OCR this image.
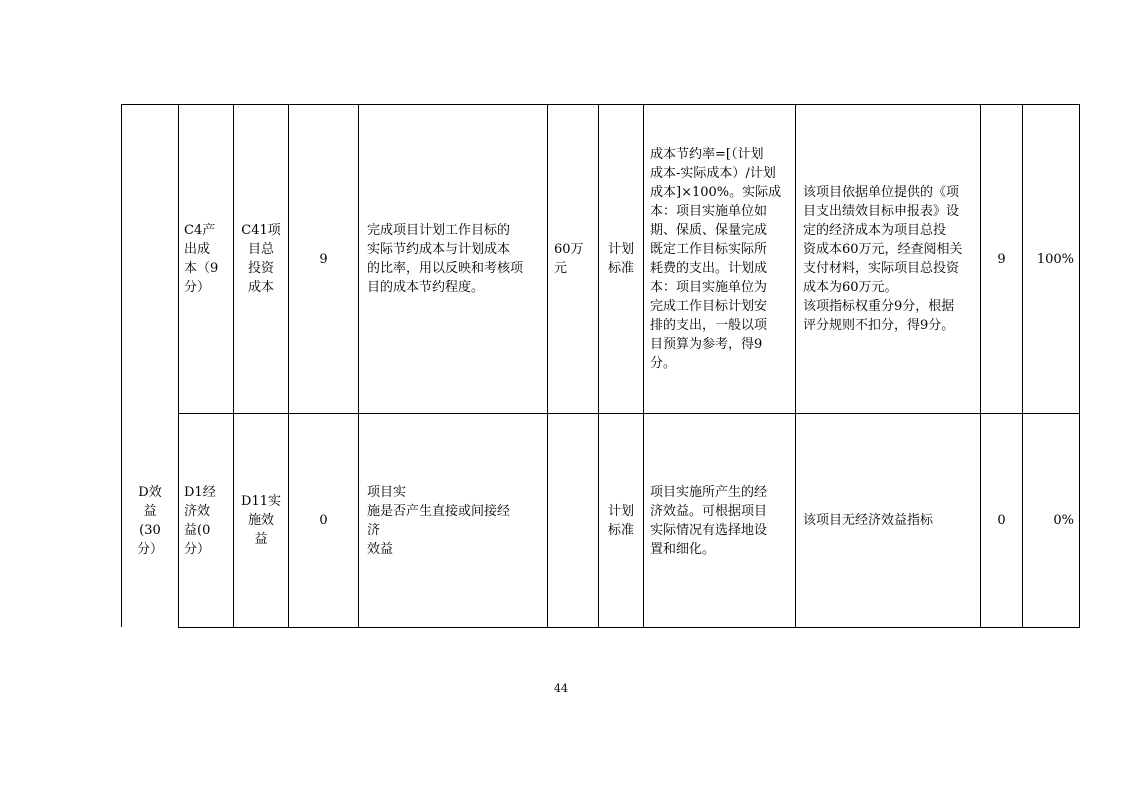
C4产
出成
本（9
分）
C41项
目总
投资
成本
9
完成项目计划工作目标的
实际节约成本与计划成本
的比率，用以反映和考核项
目的成本节约程度。
60万
元
计划
标准
成本节约率=[（计划
成本-实际成本）/计划
成本]×100%。实际成
本：项目实施单位如
期、保质、保量完成
既定工作目标实际所
耗费的支出。计划成
本：项目实施单位为
完成工作目标计划安
排的支出，一般以项
目预算为参考，得9
分。
该项目依据单位提供的《项
目支出绩效目标申报表》设
定的经济成本为项目总投
资成本60万元，经查阅相关
支付材料，实际项目总投资
成本为60万元。
该项指标权重分9分，根据
评分规则不扣分，得9分。
9 100%
D效
益
(30
分）
D1经
济效
益(0
分）
D11实
施效
益
0
项目实
施是否产生直接或间接经
济
效益
计划
标准
项目实施所产生的经
济效益。可根据项目
实际情况有选择地设
置和细化。
该项目无经济效益指标	0	0%
44
